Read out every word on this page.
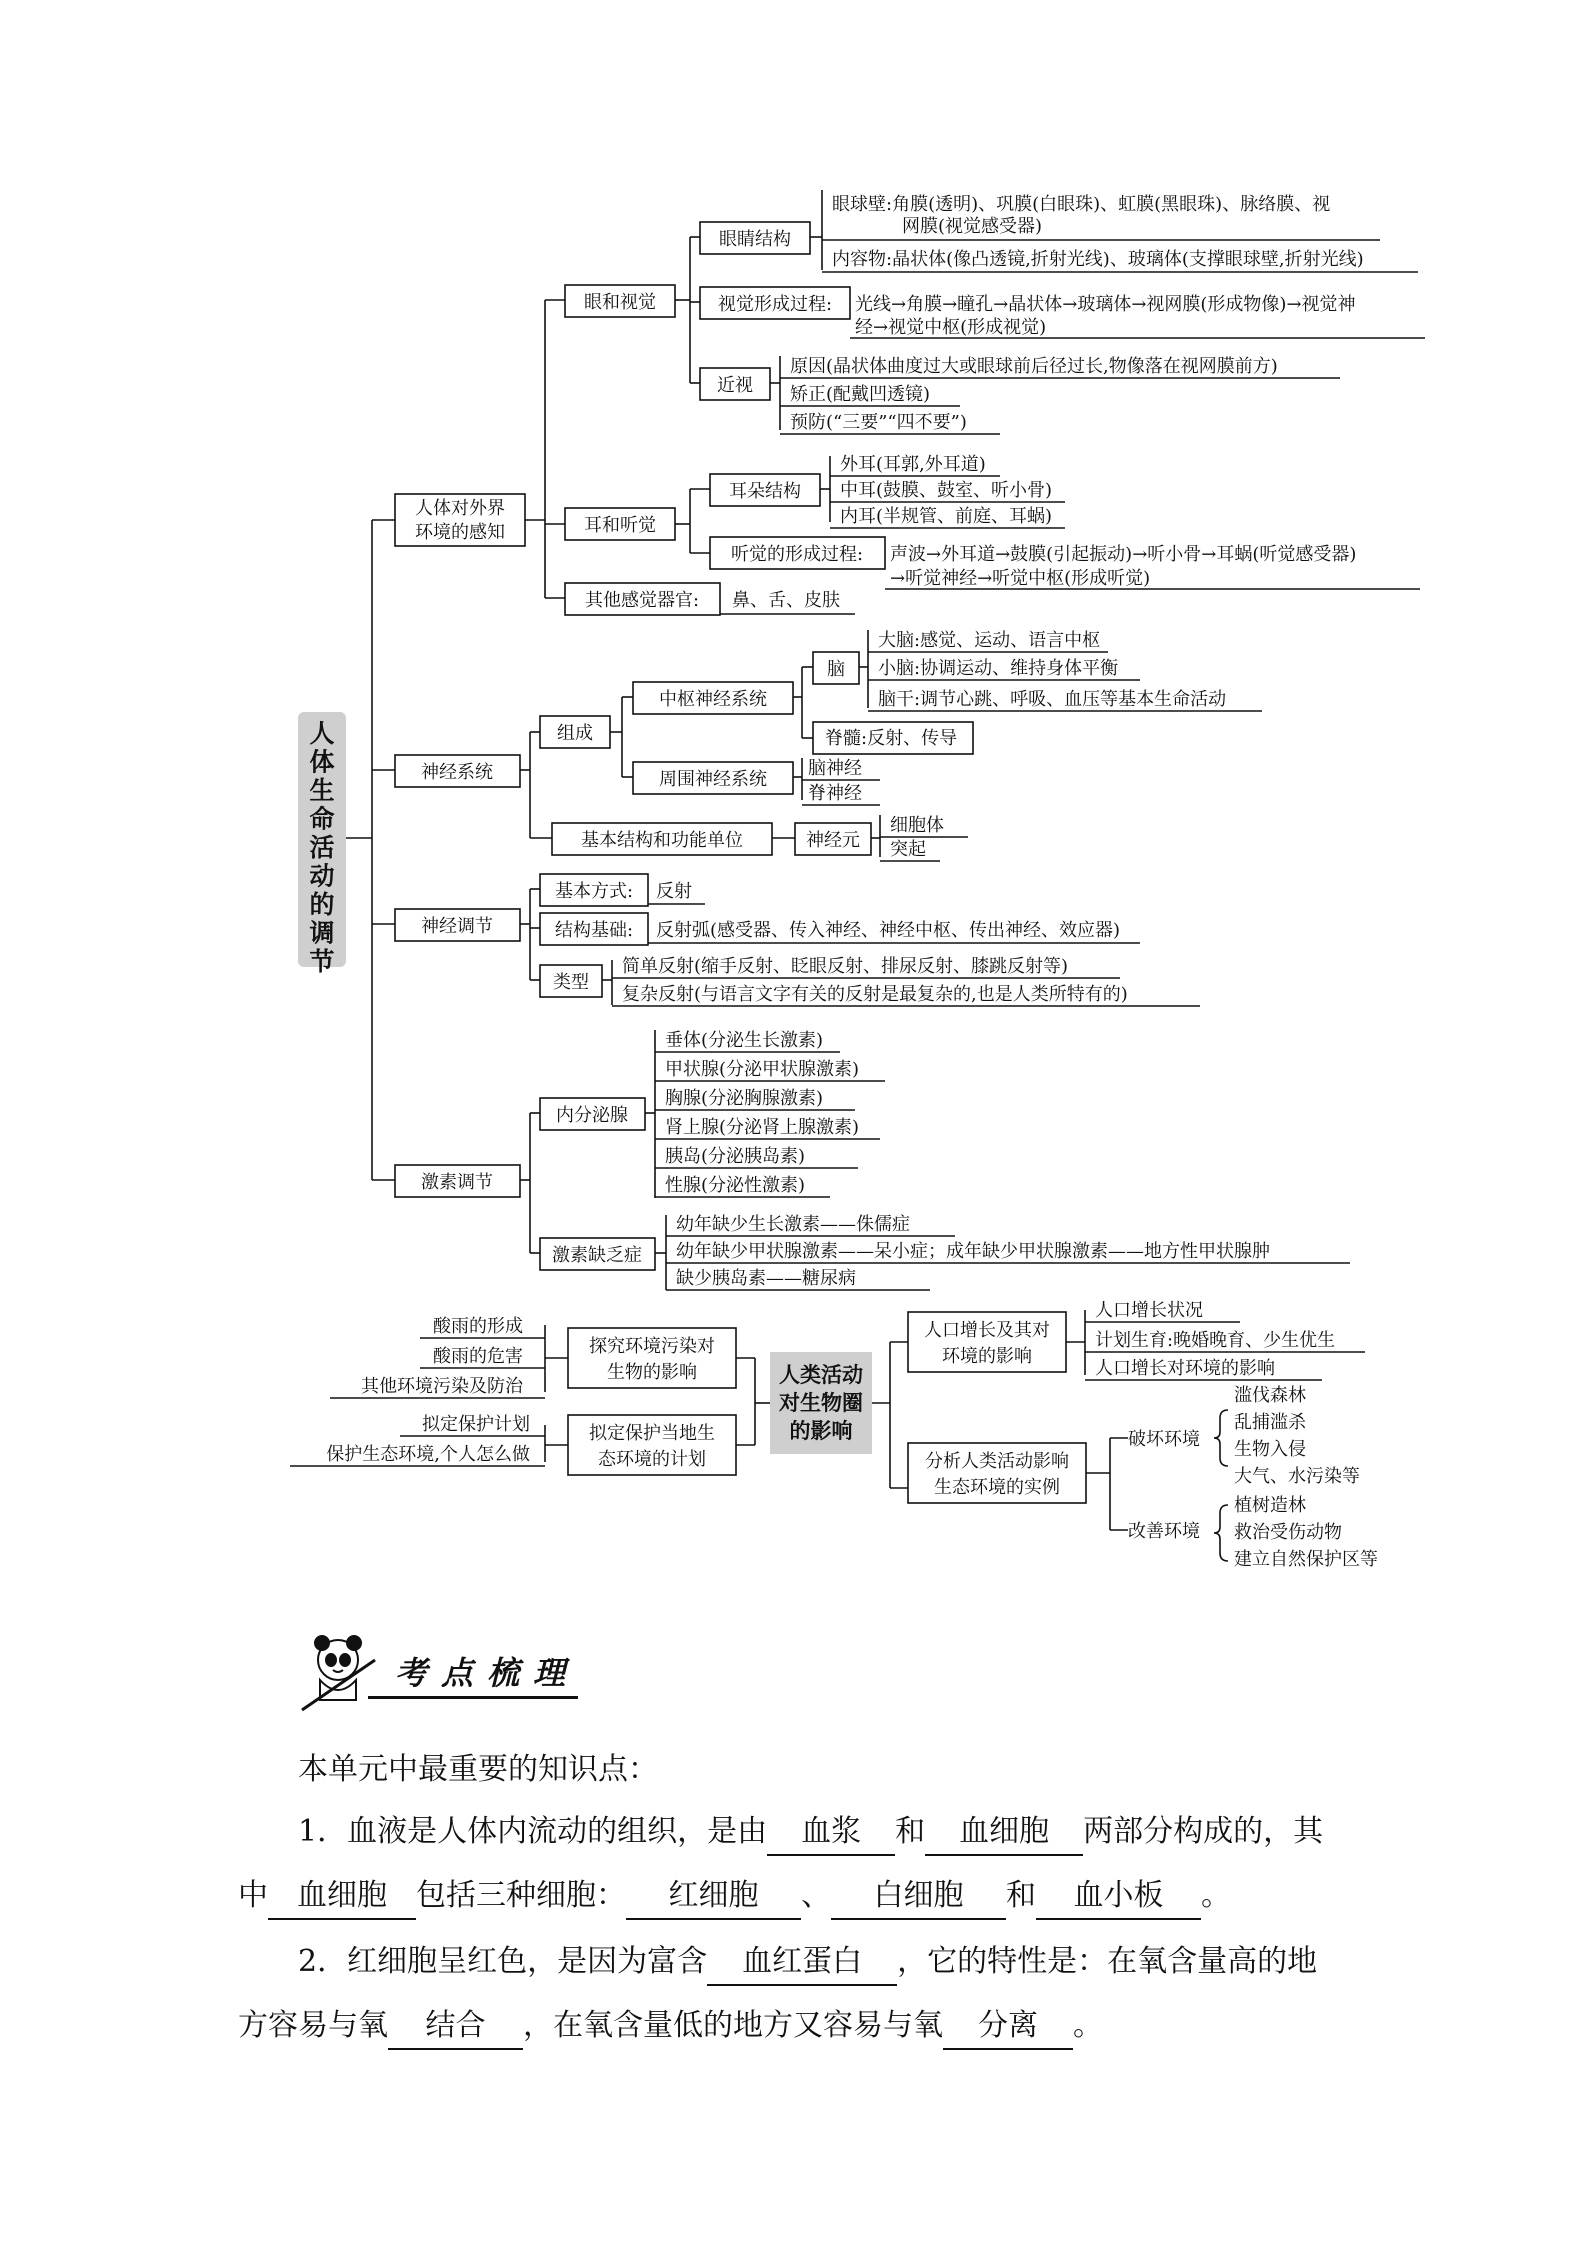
人体生命活动的调节
人体对外界
环境的感知
眼和视觉
眼睛结构
眼球壁:角膜(透明)、巩膜(白眼珠)、虹膜(黑眼珠)、脉络膜、视
网膜(视觉感受器)
内容物:晶状体(像凸透镜,折射光线)、玻璃体(支撑眼球壁,折射光线)
视觉形成过程: 光线→角膜→瞳孔→晶状体→玻璃体→视网膜(形成物像)→视觉神
经→视觉中枢(形成视觉)
近视
原因(晶状体曲度过大或眼球前后径过长,物像落在视网膜前方)
矫正(配戴凹透镜)
预防(“三要”“四不要”)
耳和听觉
耳朵结构
外耳(耳郭,外耳道)
中耳(鼓膜、鼓室、听小骨)
内耳(半规管、前庭、耳蜗)
听觉的形成过程: 声波→外耳道→鼓膜(引起振动)→听小骨→耳蜗(听觉感受器)
→听觉神经→听觉中枢(形成听觉)
其他感觉器官: 鼻、舌、皮肤
神经系统
组成
中枢神经系统
脑
大脑:感觉、运动、语言中枢
小脑:协调运动、维持身体平衡
脑干:调节心跳、呼吸、血压等基本生命活动
脊髓:反射、传导
周围神经系统
脑神经
脊神经
基本结构和功能单位	神经元
细胞体
突起
神经调节
基本方式: 反射
结构基础: 反射弧(感受器、传入神经、神经中枢、传出神经、效应器)
类型
简单反射(缩手反射、眨眼反射、排尿反射、膝跳反射等)
复杂反射(与语言文字有关的反射是最复杂的,也是人类所特有的)
激素调节
内分泌腺
垂体(分泌生长激素)
甲状腺(分泌甲状腺激素)
胸腺(分泌胸腺激素)
肾上腺(分泌肾上腺激素)
胰岛(分泌胰岛素)
性腺(分泌性激素)
激素缺乏症
幼年缺少生长激素——侏儒症
幼年缺少甲状腺激素——呆小症；成年缺少甲状腺激素——地方性甲状腺肿
缺少胰岛素——糖尿病
人类活动
对生物圈
的影响
探究环境污染对
生物的影响
酸雨的形成
酸雨的危害
其他环境污染及防治
拟定保护当地生
态环境的计划
拟定保护计划
保护生态环境,个人怎么做
人口增长及其对
环境的影响
人口增长状况
计划生育:晚婚晚育、少生优生
人口增长对环境的影响
分析人类活动影响
生态环境的实例
破坏环境
滥伐森林
乱捕滥杀
生物入侵
大气、水污染等
改善环境
植树造林
救治受伤动物
建立自然保护区等
考点梳理
本单元中最重要的知识点：
1．血液是人体内流动的组织，是由 血浆 和 血细胞 两部分构成的，其
中 血细胞 包括三种细胞： 红细胞 、 白细胞 和 血小板 。
2．红细胞呈红色，是因为富含 血红蛋白 ，它的特性是：在氧含量高的地
方容易与氧 结合 ，在氧含量低的地方又容易与氧 分离 。
